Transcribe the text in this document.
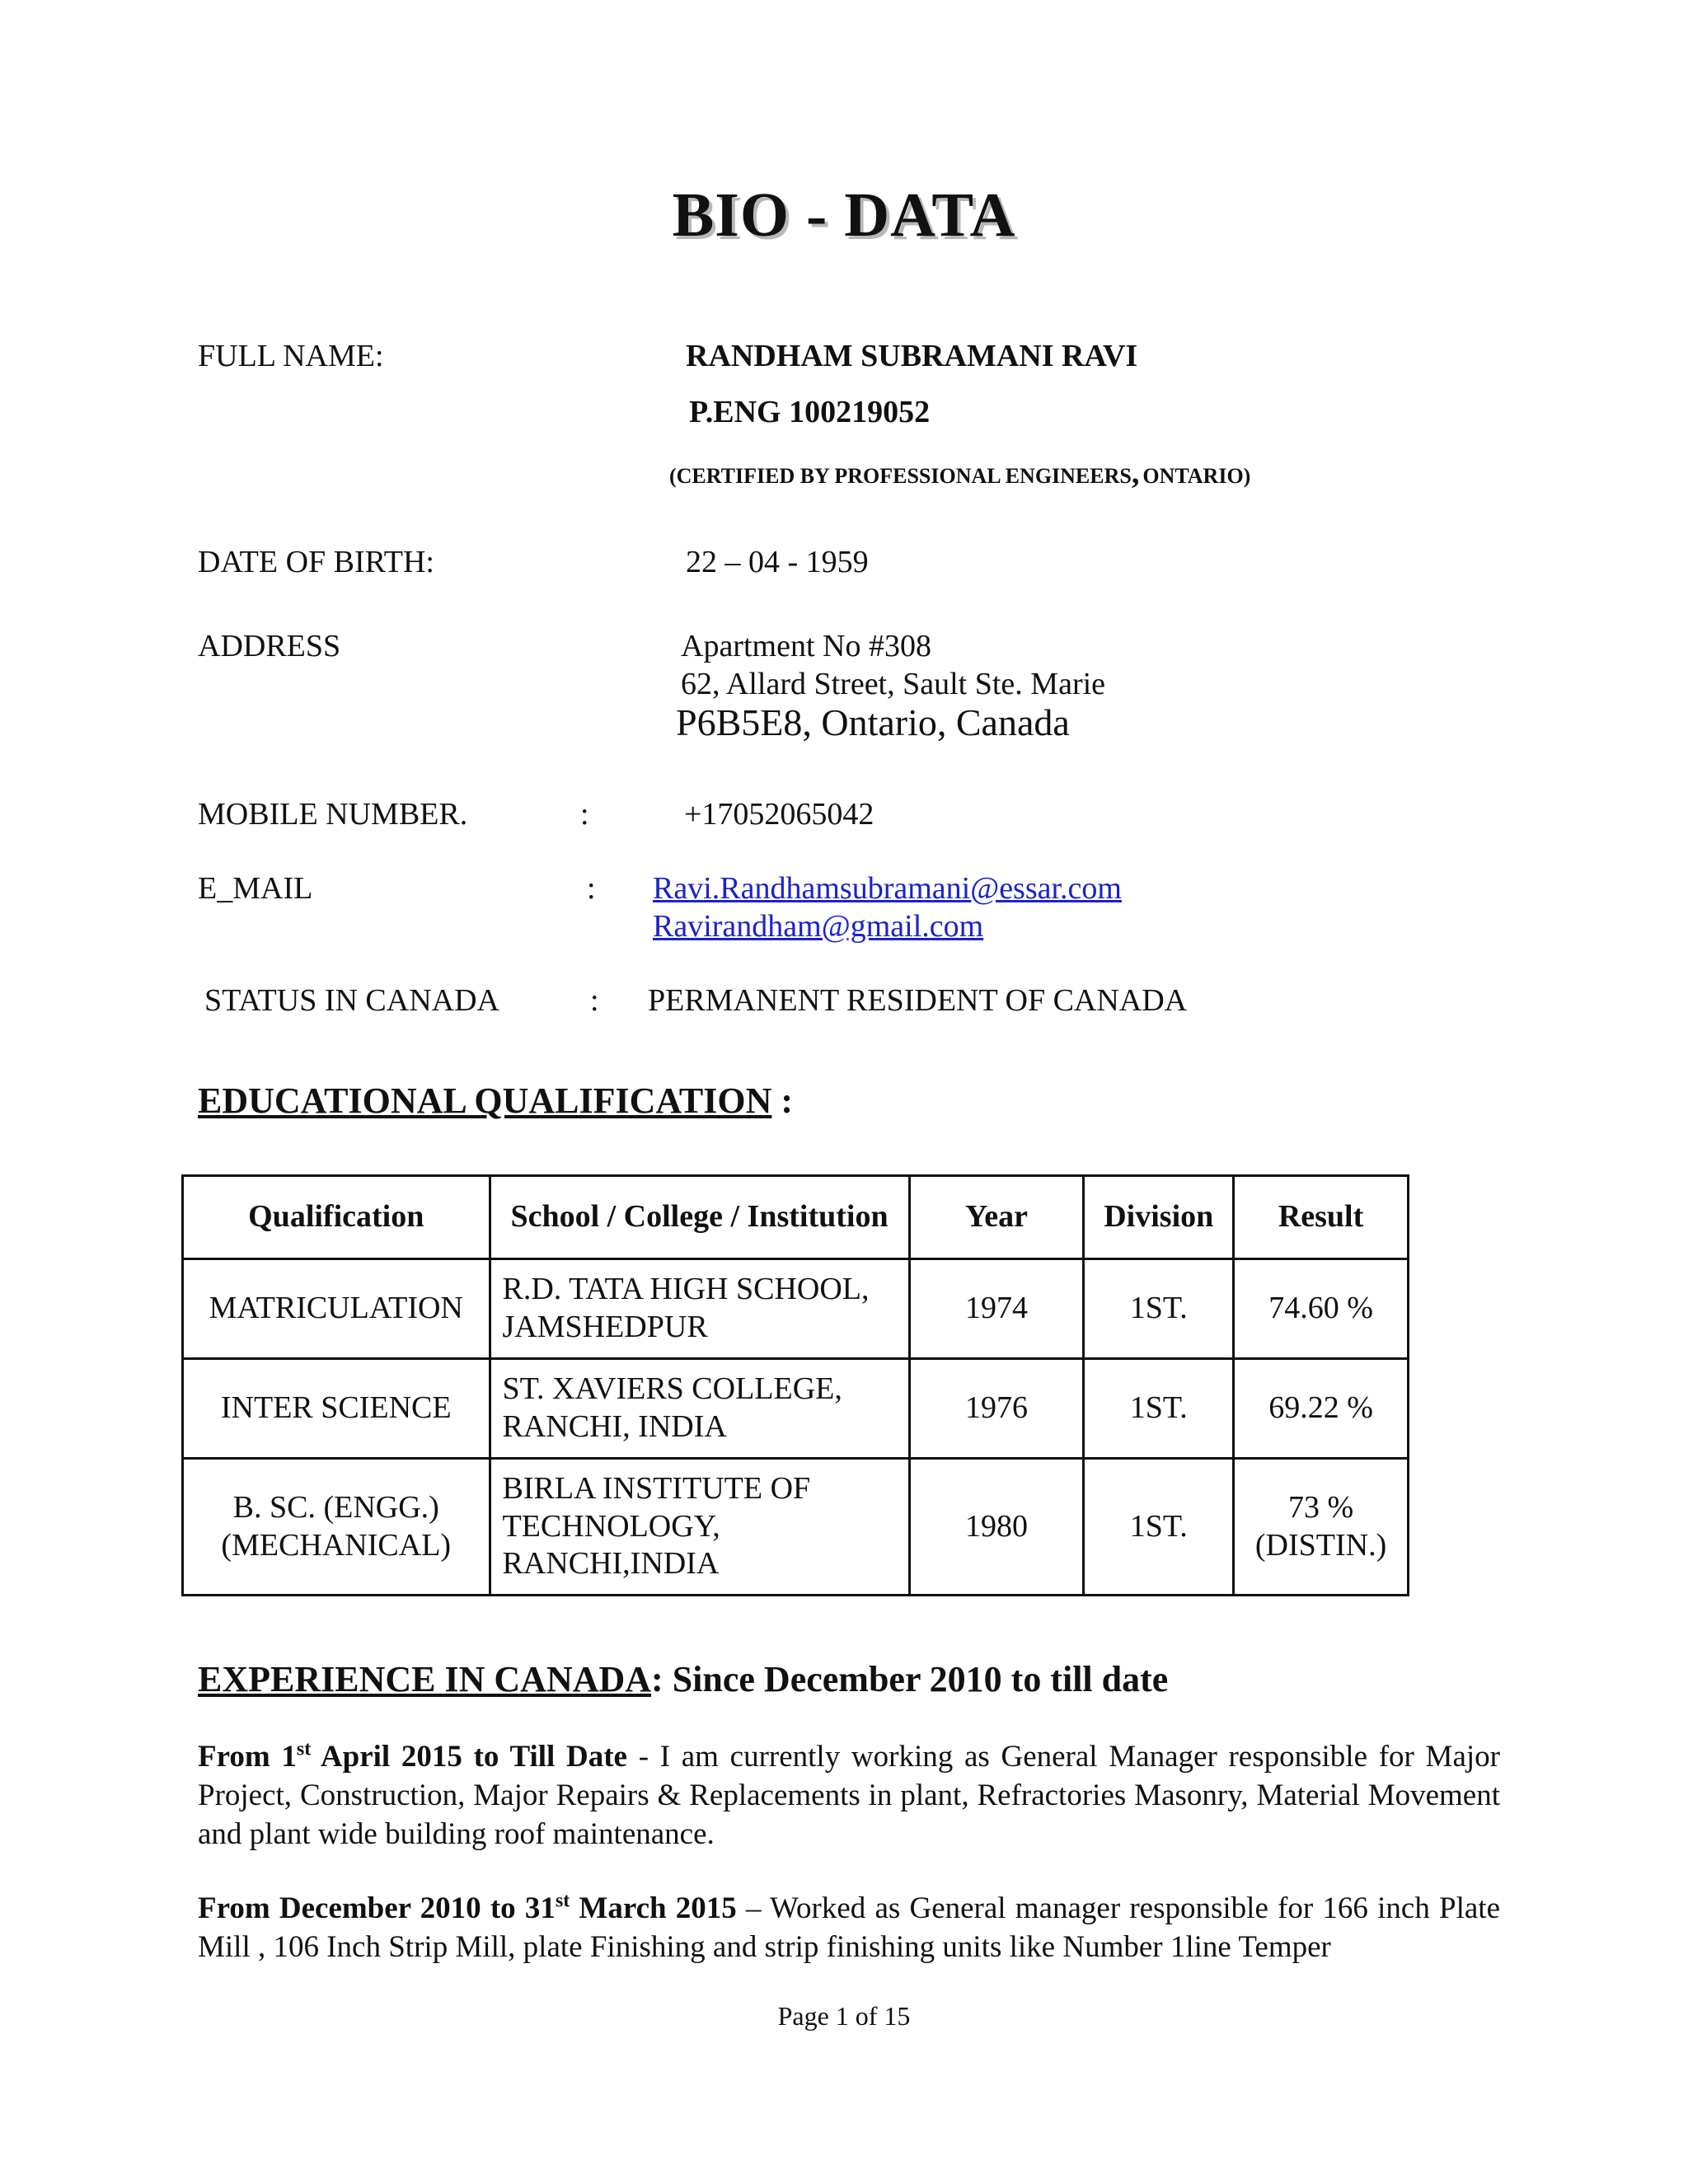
BIO - DATA
FULL NAME:	RANDHAM SUBRAMANI RAVI
P.ENG 100219052
(CERTIFIED BY PROFESSIONAL ENGINEERS, ONTARIO)
DATE OF BIRTH:	22 – 04 - 1959
ADDRESS	Apartment No #308
62, Allard Street, Sault Ste. Marie
P6B5E8, Ontario, Canada
MOBILE NUMBER.	:	+17052065042
E_MAIL	: Ravi.Randhamsubramani@essar.com
Ravirandham@gmail.com
STATUS IN CANADA	: PERMANENT RESIDENT OF CANADA
EDUCATIONAL QUALIFICATION :
Qualification	School / College / Institution	Year	Division	Result
MATRICULATION	R.D. TATA HIGH SCHOOL, JAMSHEDPUR	1974	1ST.	74.60 %
INTER SCIENCE	ST. XAVIERS COLLEGE, RANCHI, INDIA	1976	1ST.	69.22 %
B. SC. (ENGG.) (MECHANICAL)	BIRLA INSTITUTE OF TECHNOLOGY, RANCHI,INDIA	1980	1ST.	73 % (DISTIN.)
EXPERIENCE IN CANADA: Since December 2010 to till date
From 1st April 2015 to Till Date - I am currently working as General Manager responsible for Major Project, Construction, Major Repairs & Replacements in plant, Refractories Masonry, Material Movement and plant wide building roof maintenance.
From December 2010 to 31st March 2015 – Worked as General manager responsible for 166 inch Plate Mill , 106 Inch Strip Mill, plate Finishing and strip finishing units like Number 1line Temper
Page 1 of 15
